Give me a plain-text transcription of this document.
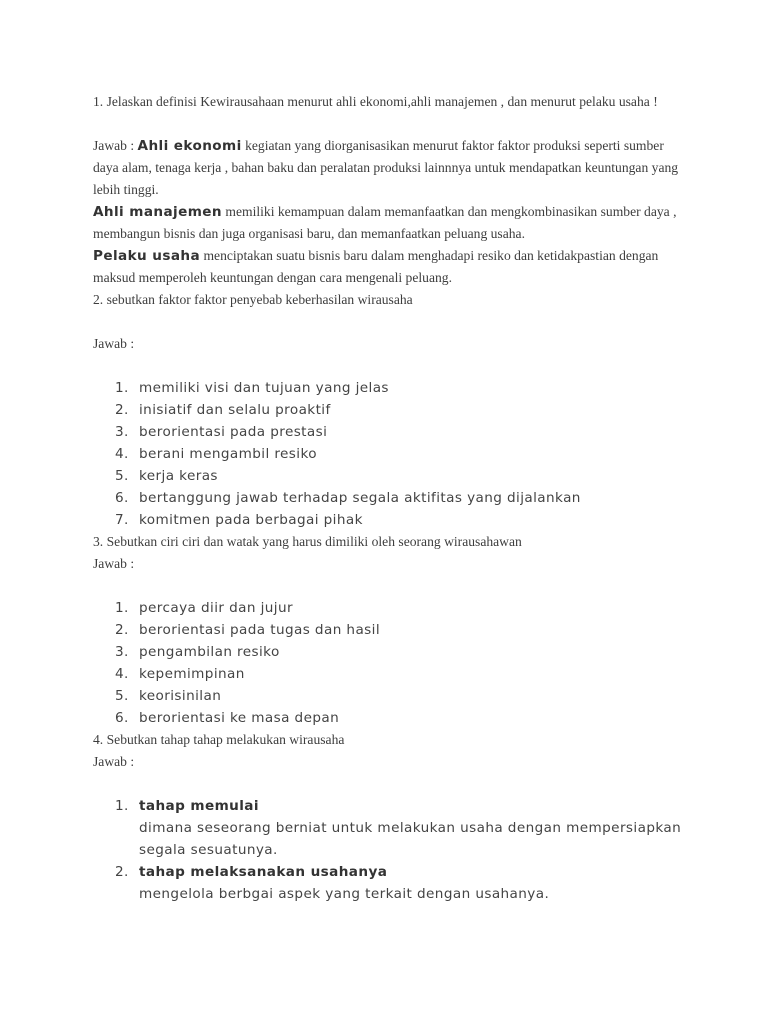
1. Jelaskan definisi Kewirausahaan menurut ahli ekonomi,ahli manajemen , dan menurut pelaku usaha !

Jawab : Ahli ekonomi kegiatan yang diorganisasikan menurut faktor faktor produksi seperti sumber daya alam, tenaga kerja , bahan baku dan peralatan produksi lainnnya untuk mendapatkan keuntungan yang lebih tinggi.

Ahli manajemen memiliki kemampuan dalam memanfaatkan dan mengkombinasikan sumber daya , membangun bisnis dan juga organisasi baru, dan memanfaatkan peluang usaha.

Pelaku usaha menciptakan suatu bisnis baru dalam menghadapi resiko dan ketidakpastian dengan maksud memperoleh keuntungan dengan cara mengenali peluang.

2. sebutkan faktor faktor penyebab keberhasilan wirausaha

Jawab :

1. memiliki visi dan tujuan yang jelas
2. inisiatif dan selalu proaktif
3. berorientasi pada prestasi
4. berani mengambil resiko
5. kerja keras
6. bertanggung jawab terhadap segala aktifitas yang dijalankan
7. komitmen pada berbagai pihak

3. Sebutkan ciri ciri dan watak yang harus dimiliki oleh seorang wirausahawan

Jawab :

1. percaya diir dan jujur
2. berorientasi pada tugas dan hasil
3. pengambilan resiko
4. kepemimpinan
5. keorisinilan
6. berorientasi ke masa depan

4. Sebutkan tahap tahap melakukan wirausaha

Jawab :

1. tahap memulai
dimana seseorang berniat untuk melakukan usaha dengan mempersiapkan segala sesuatunya.
2. tahap melaksanakan usahanya
mengelola berbgai aspek yang terkait dengan usahanya.
